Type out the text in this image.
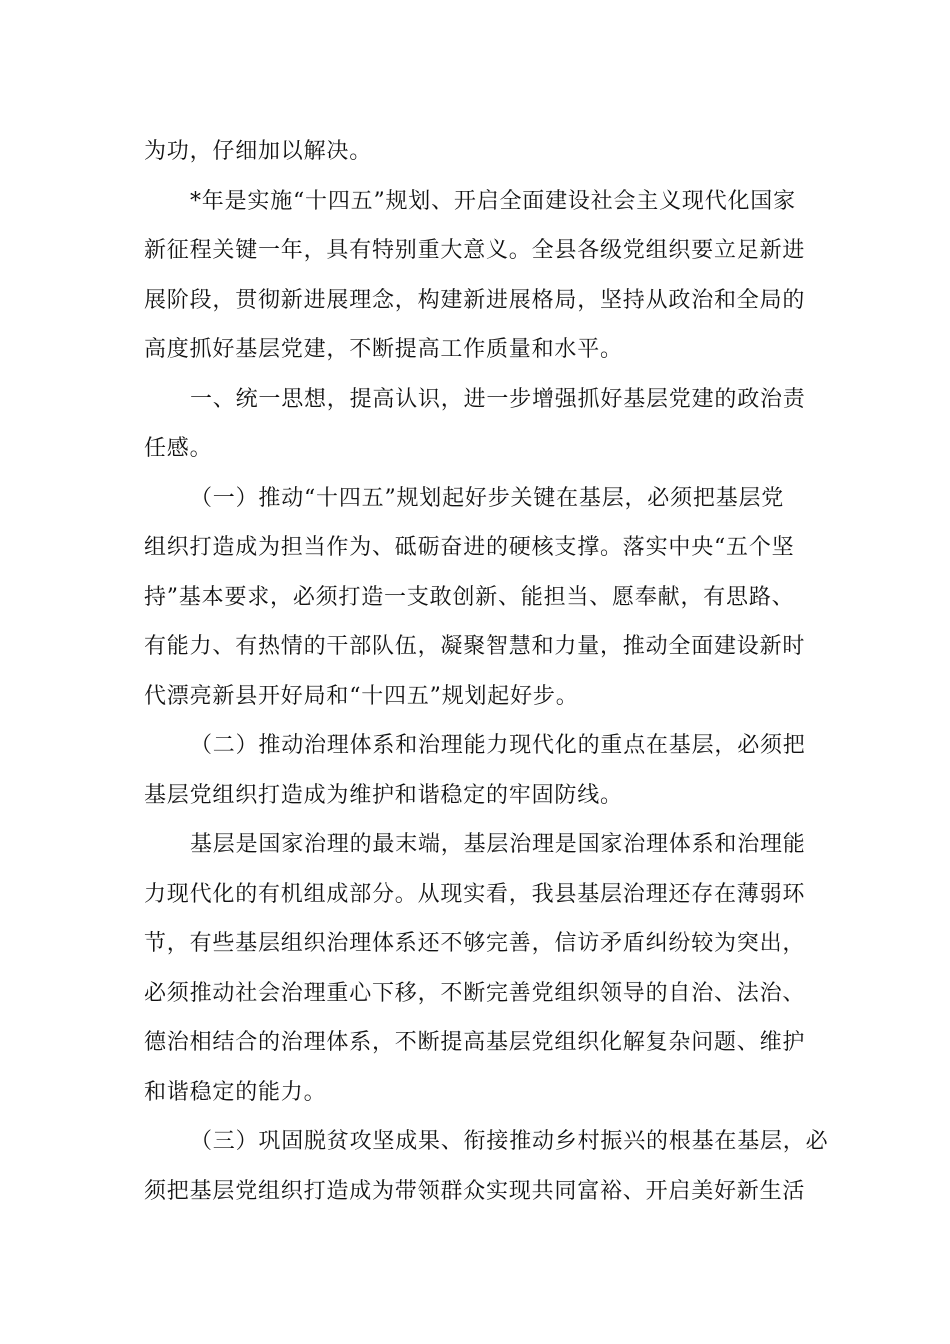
为功，仔细加以解决。
*年是实施“十四五”规划、开启全面建设社会主义现代化国家
新征程关键一年，具有特别重大意义。全县各级党组织要立足新进
展阶段，贯彻新进展理念，构建新进展格局，坚持从政治和全局的
高度抓好基层党建，不断提高工作质量和水平。
一、统一思想，提高认识，进一步增强抓好基层党建的政治责
任感。
（一）推动“十四五”规划起好步关键在基层，必须把基层党
组织打造成为担当作为、砥砺奋进的硬核支撑。落实中央“五个坚
持”基本要求，必须打造一支敢创新、能担当、愿奉献，有思路、
有能力、有热情的干部队伍，凝聚智慧和力量，推动全面建设新时
代漂亮新县开好局和“十四五”规划起好步。
（二）推动治理体系和治理能力现代化的重点在基层，必须把
基层党组织打造成为维护和谐稳定的牢固防线。
基层是国家治理的最末端，基层治理是国家治理体系和治理能
力现代化的有机组成部分。从现实看，我县基层治理还存在薄弱环
节，有些基层组织治理体系还不够完善，信访矛盾纠纷较为突出，
必须推动社会治理重心下移，不断完善党组织领导的自治、法治、
德治相结合的治理体系，不断提高基层党组织化解复杂问题、维护
和谐稳定的能力。
（三）巩固脱贫攻坚成果、衔接推动乡村振兴的根基在基层，必
须把基层党组织打造成为带领群众实现共同富裕、开启美好新生活
